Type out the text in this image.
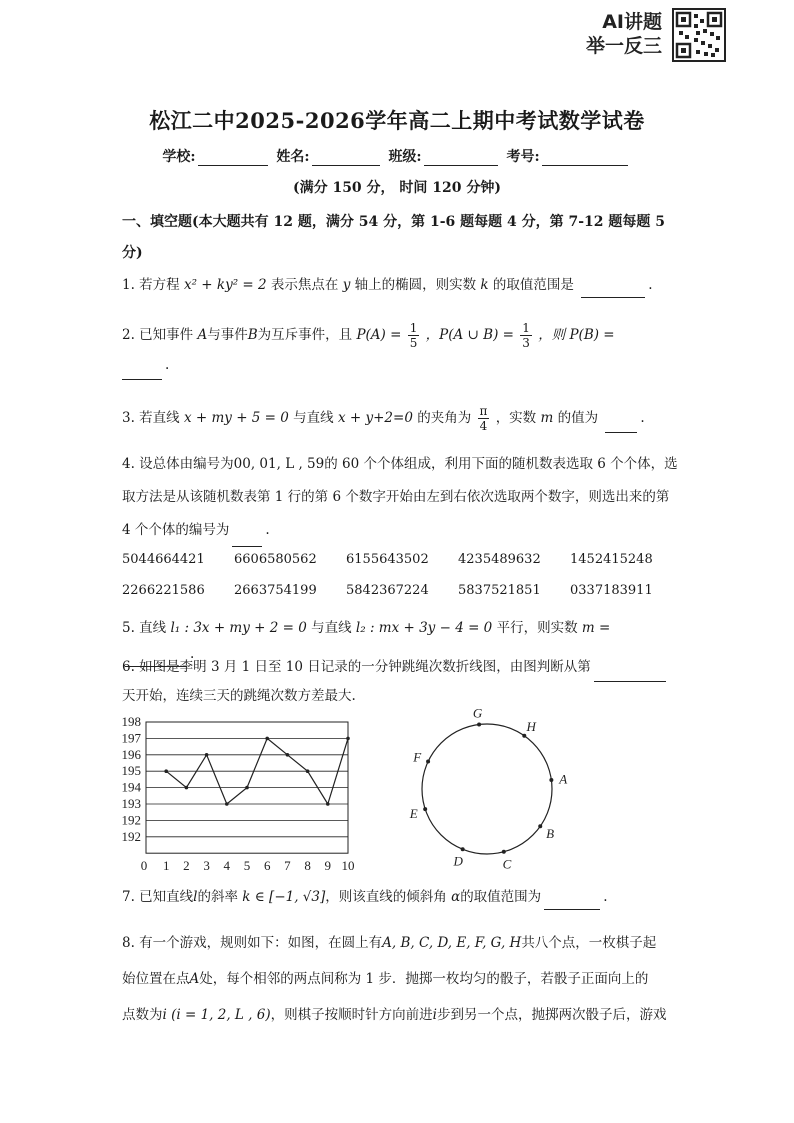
AI讲题
举一反三
松江二中2025-2026学年高二上期中考试数学试卷
学校:	姓名:	班级:	考号:
(满分 150 分， 时间 120 分钟)
一、填空题(本大题共有 12 题，满分 54 分，第 1-6 题每题 4 分，第 7-12 题每题 5 分)
1. 若方程 x² + ky² = 2 表示焦点在 y 轴上的椭圆，则实数 k 的取值范围是	.
2. 已知事件 A与事件B为互斥事件，且 $P(A) = \frac{1}{5}$ ，P(A ∪ $B) = \frac{1}{3}$ ，则 P(B) =
.
3. 若直线 x + my + 5 = 0 与直线 x + y+2=0 的夹角为 $\frac{\pi}{4}$ ，实数 m 的值为	.
4. 设总体由编号为00, 01, L , 59的 60 个个体组成，利用下面的随机数表选取 6 个个体，选
取方法是从该随机数表第 1 行的第 6 个数字开始由左到右依次选取两个数字，则选出来的第
4 个个体的编号为	.
5044664421 6606580562 6155643502 4235489632 1452415248
2266221586 2663754199 5842367224 5837521851 0337183911
5. 直线 l₁ : 3x + my + 2 = 0 与直线 l₂ : mx + 3y − 4 = 0 平行，则实数 m = .
6. 如图是李明 3 月 1 日至 10 日记录的一分钟跳绳次数折线图，由图判断从第
天开始，连续三天的跳绳次数方差最大.
198
197
196
195
194
193
192
192
0 1 2 3 4 5 6 7 8 9 10
A
B
C
D
E
F
G
H
7. 已知直线l的斜率 k ∈ [−1, √3]，则该直线的倾斜角 α的取值范围为	.
8. 有一个游戏，规则如下：如图，在圆上有A, B, C, D, E, F, G, H共八个点，一枚棋子起
始位置在点A处，每个相邻的两点间称为 1 步．抛掷一枚均匀的骰子，若骰子正面向上的
点数为i (i = 1, 2, L , 6)，则棋子按顺时针方向前进i步到另一个点，抛掷两次骰子后，游戏
